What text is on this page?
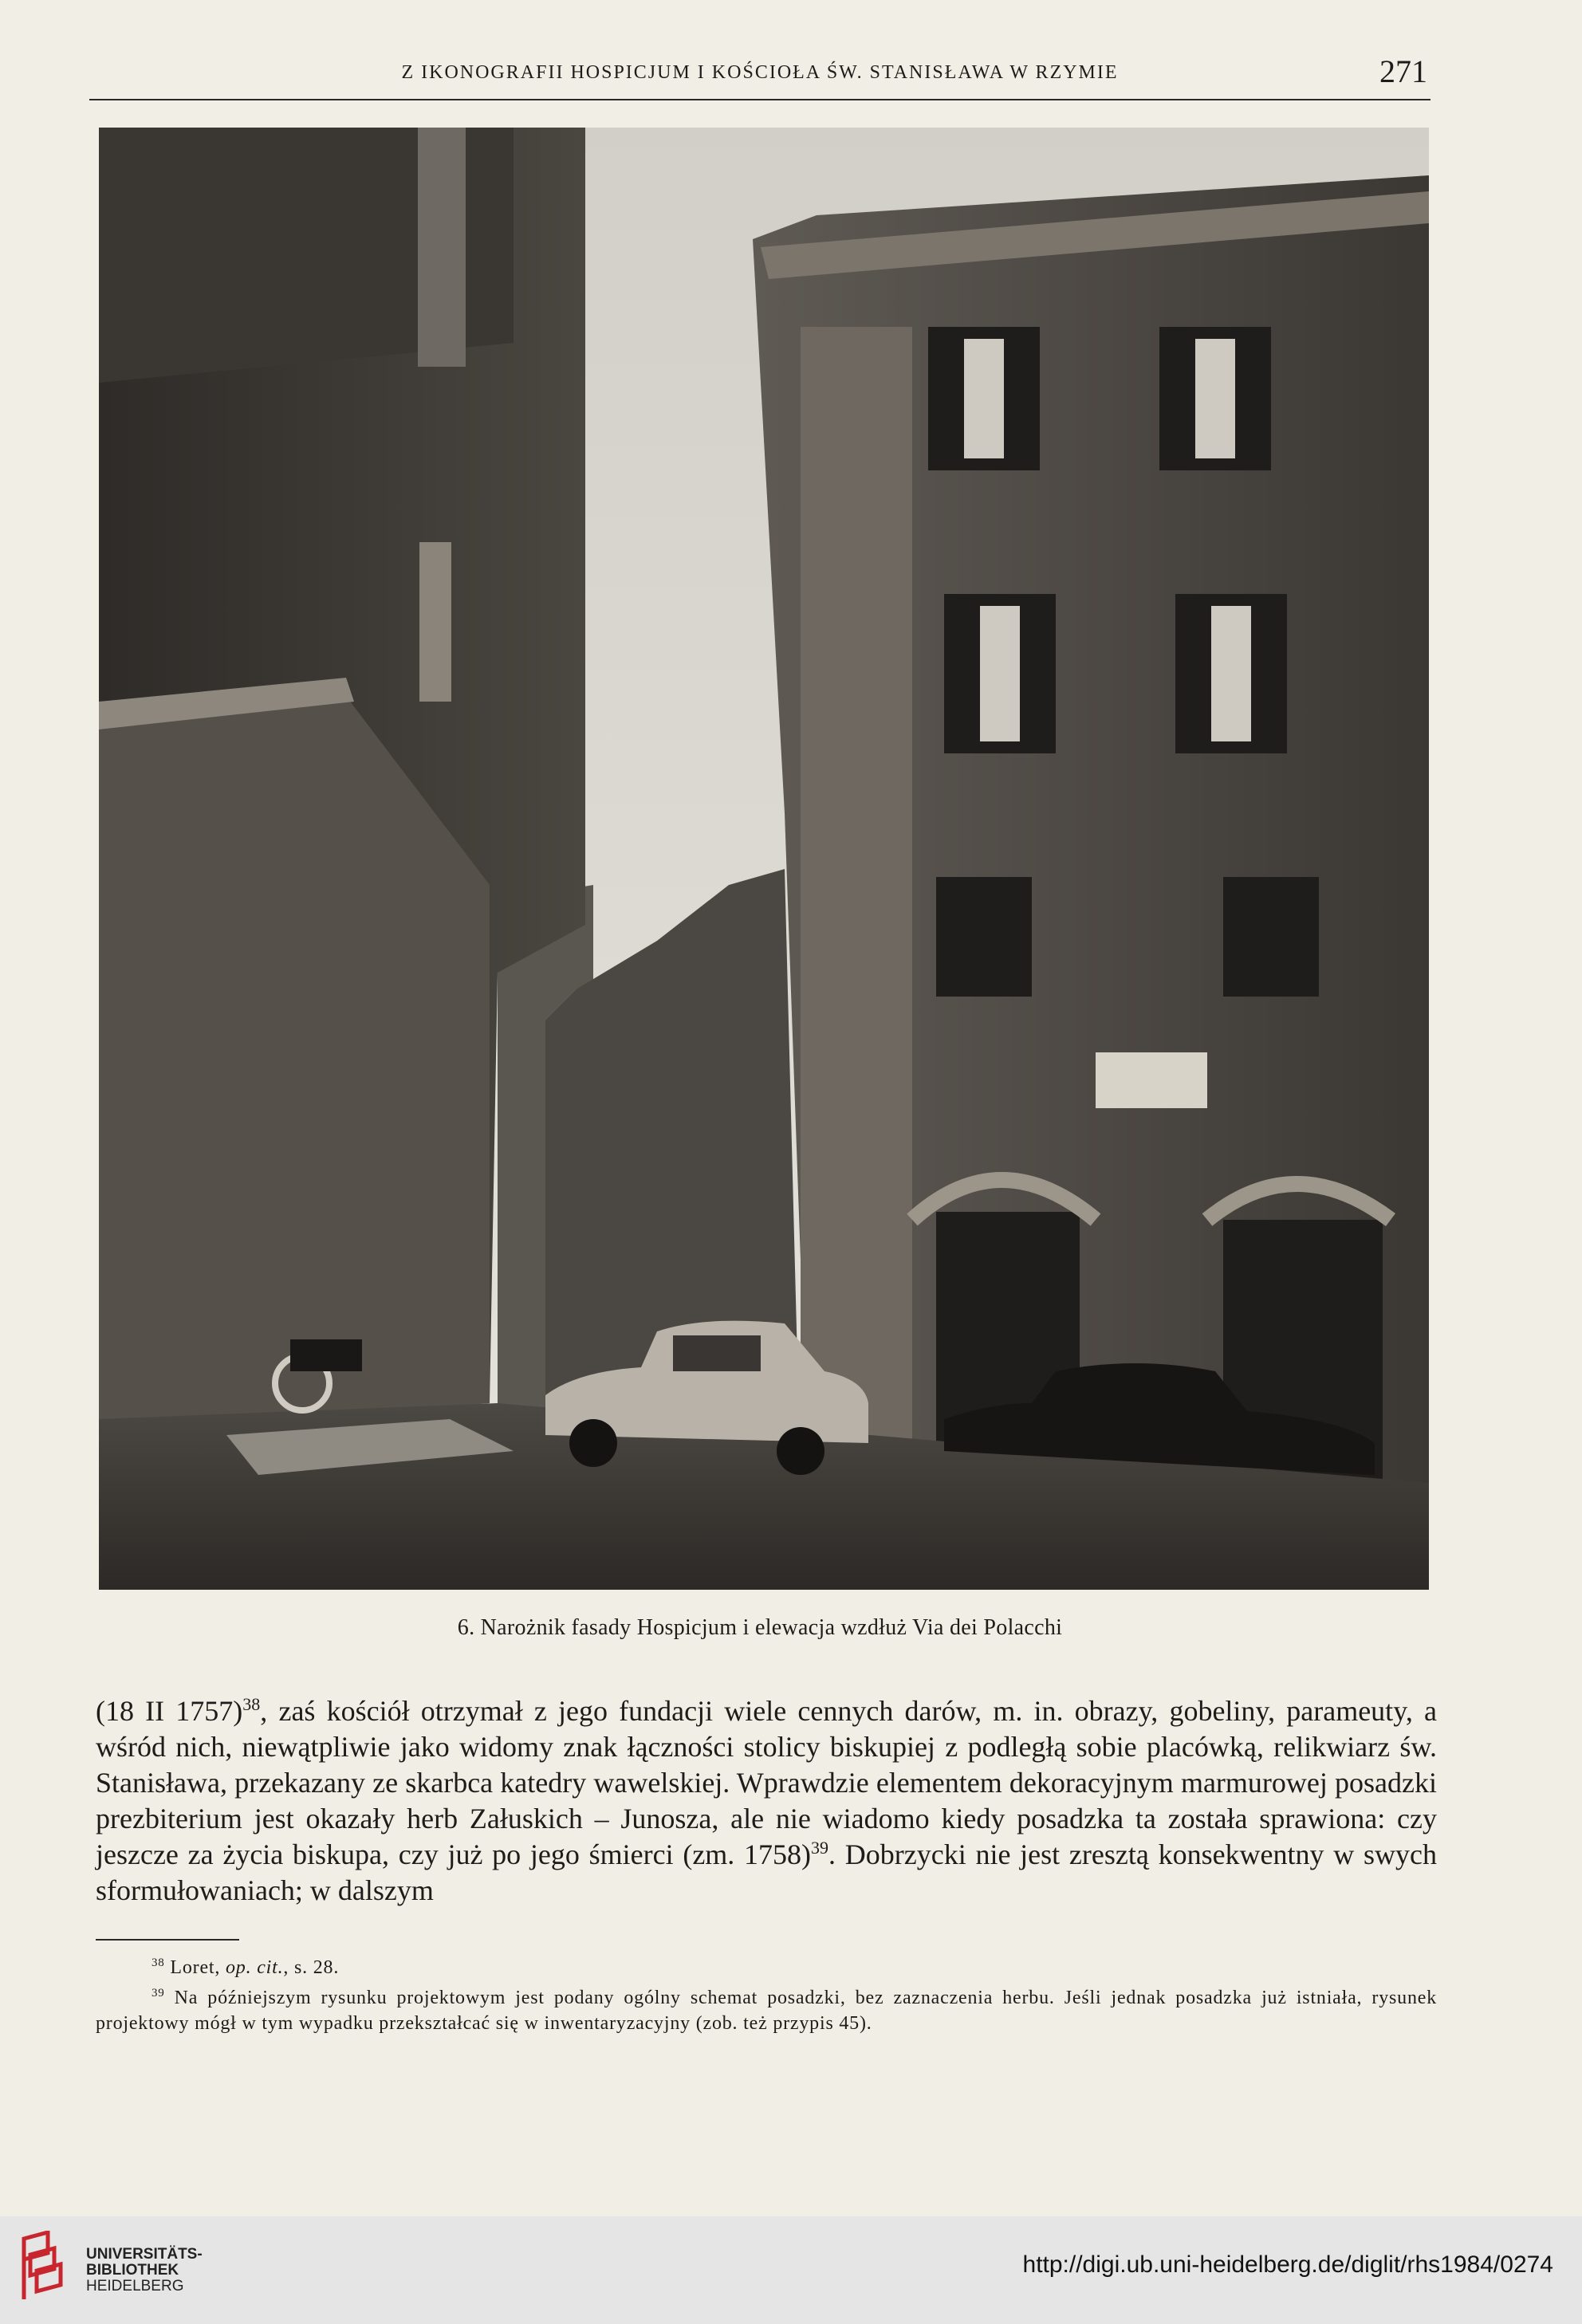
Z IKONOGRAFII HOSPICJUM I KOŚCIOŁA ŚW. STANISŁAWA W RZYMIE	271
6. Narożnik fasady Hospicjum i elewacja wzdłuż Via dei Polacchi

(18 II 1757)$^{38}$, zaś kościół otrzymał z jego fundacji wiele cennych darów, m. in. obrazy, gobeliny, parameuty, a wśród nich, niewątpliwie jako widomy znak łączności stolicy biskupiej z podległą sobie placówką, relikwiarz św. Stanisława, przekazany ze skarbca katedry wawelskiej. Wprawdzie elementem dekoracyjnym marmurowej posadzki prezbiterium jest okazały herb Załuskich – Junosza, ale nie wiadomo kiedy posadzka ta została sprawiona: czy jeszcze za życia biskupa, czy już po jego śmierci (zm. 1758)$^{39}$. Dobrzycki nie jest zresztą konsekwentny w swych sformułowaniach; w dalszym

$^{38}$ Loret, op. cit., s. 28.

$^{39}$ Na późniejszym rysunku projektowym jest podany ogólny schemat posadzki, bez zaznaczenia herbu. Jeśli jednak posadzka już istniała, rysunek projektowy mógł w tym wypadku przekształcać się w inwentaryzacyjny (zob. też przypis 45).

UNIVERSITÄTS-
BIBLIOTHEK
HEIDELBERG
http://digi.ub.uni-heidelberg.de/diglit/rhs1984/0274
